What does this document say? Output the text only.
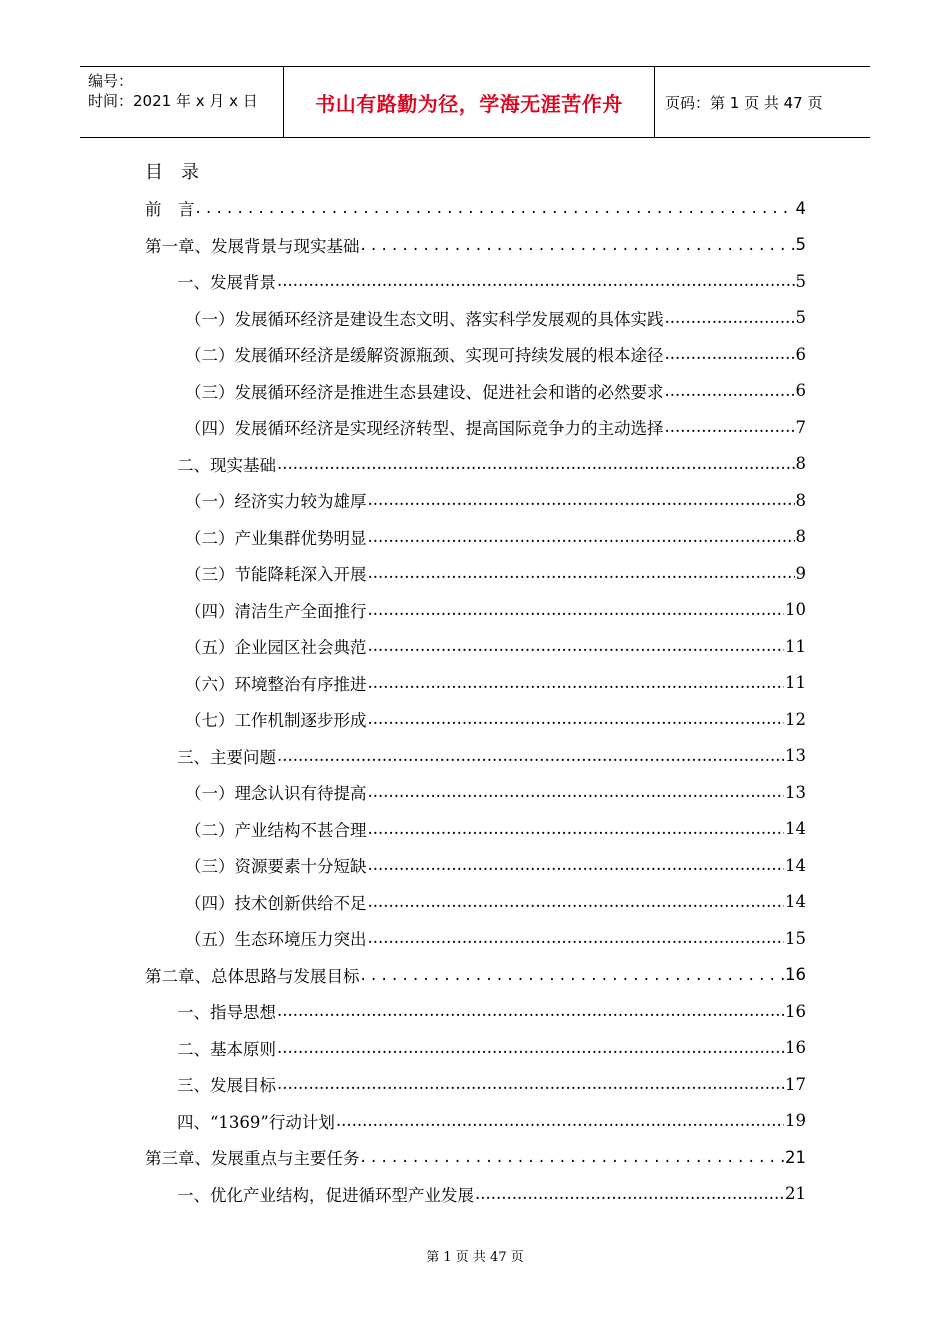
编号：
时间：2021 年 x 月 x 日	书山有路勤为径，学海无涯苦作舟	页码：第 1 页 共 47 页
目　录
前　言 . . .	4
第一章、发展背景与现实基础 . . .	5
一、发展背景 .....	5
（一）发展循环经济是建设生态文明、落实科学发展观的具体实践 .....	5
（二）发展循环经济是缓解资源瓶颈、实现可持续发展的根本途径 .....	6
（三）发展循环经济是推进生态县建设、促进社会和谐的必然要求 .....	6
（四）发展循环经济是实现经济转型、提高国际竞争力的主动选择 .....	7
二、现实基础 .....	8
（一）经济实力较为雄厚 .....	8
（二）产业集群优势明显 .....	8
（三）节能降耗深入开展 .....	9
（四）清洁生产全面推行 .....	10
（五）企业园区社会典范 .....	11
（六）环境整治有序推进 .....	11
（七）工作机制逐步形成 .....	12
三、主要问题 .....	13
（一）理念认识有待提高 .....	13
（二）产业结构不甚合理 .....	14
（三）资源要素十分短缺 .....	14
（四）技术创新供给不足 .....	14
（五）生态环境压力突出 .....	15
第二章、总体思路与发展目标 . . .	16
一、指导思想 .....	16
二、基本原则 .....	16
三、发展目标 .....	17
四、“1369”行动计划 .....	19
第三章、发展重点与主要任务 . . .	21
一、优化产业结构，促进循环型产业发展 .....	21
第 1 页 共 47 页
